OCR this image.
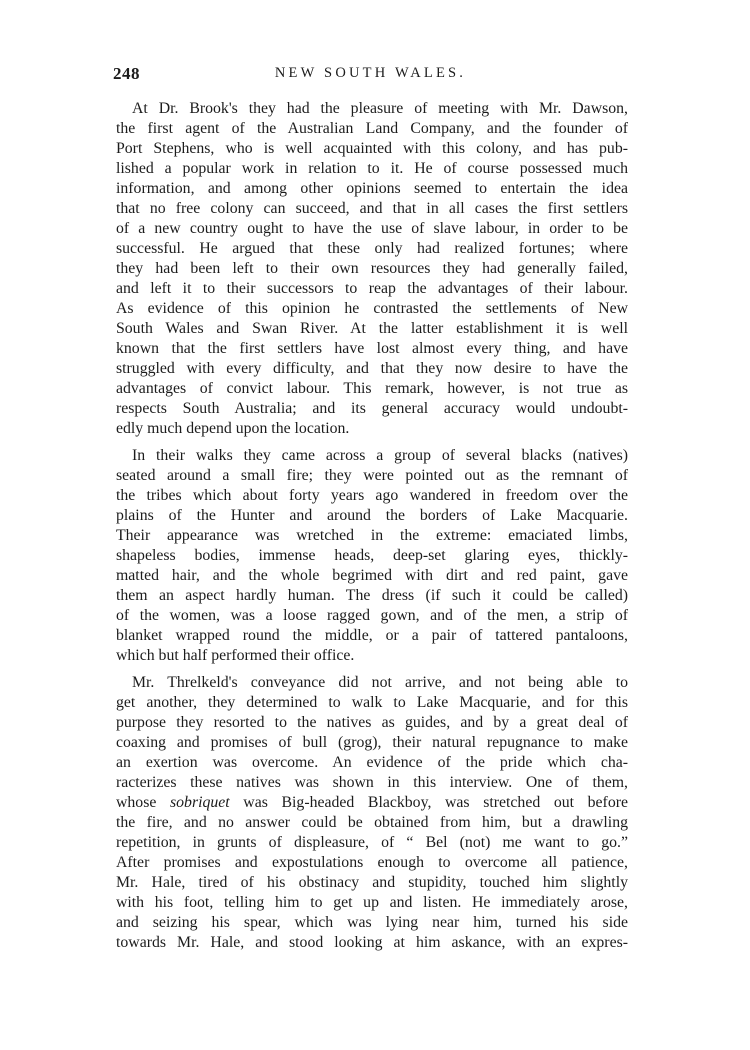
248	NEW SOUTH WALES.
At Dr. Brook's they had the pleasure of meeting with Mr. Dawson,
the first agent of the Australian Land Company, and the founder of
Port Stephens, who is well acquainted with this colony, and has pub-
lished a popular work in relation to it. He of course possessed much
information, and among other opinions seemed to entertain the idea
that no free colony can succeed, and that in all cases the first settlers
of a new country ought to have the use of slave labour, in order to be
successful. He argued that these only had realized fortunes; where
they had been left to their own resources they had generally failed,
and left it to their successors to reap the advantages of their labour.
As evidence of this opinion he contrasted the settlements of New
South Wales and Swan River. At the latter establishment it is well
known that the first settlers have lost almost every thing, and have
struggled with every difficulty, and that they now desire to have the
advantages of convict labour. This remark, however, is not true as
respects South Australia; and its general accuracy would undoubt-
edly much depend upon the location.
In their walks they came across a group of several blacks (natives)
seated around a small fire; they were pointed out as the remnant of
the tribes which about forty years ago wandered in freedom over the
plains of the Hunter and around the borders of Lake Macquarie.
Their appearance was wretched in the extreme: emaciated limbs,
shapeless bodies, immense heads, deep-set glaring eyes, thickly-
matted hair, and the whole begrimed with dirt and red paint, gave
them an aspect hardly human. The dress (if such it could be called)
of the women, was a loose ragged gown, and of the men, a strip of
blanket wrapped round the middle, or a pair of tattered pantaloons,
which but half performed their office.
Mr. Threlkeld's conveyance did not arrive, and not being able to
get another, they determined to walk to Lake Macquarie, and for this
purpose they resorted to the natives as guides, and by a great deal of
coaxing and promises of bull (grog), their natural repugnance to make
an exertion was overcome. An evidence of the pride which cha-
racterizes these natives was shown in this interview. One of them,
whose sobriquet was Big-headed Blackboy, was stretched out before
the fire, and no answer could be obtained from him, but a drawling
repetition, in grunts of displeasure, of “ Bel (not) me want to go.”
After promises and expostulations enough to overcome all patience,
Mr. Hale, tired of his obstinacy and stupidity, touched him slightly
with his foot, telling him to get up and listen. He immediately arose,
and seizing his spear, which was lying near him, turned his side
towards Mr. Hale, and stood looking at him askance, with an expres-
